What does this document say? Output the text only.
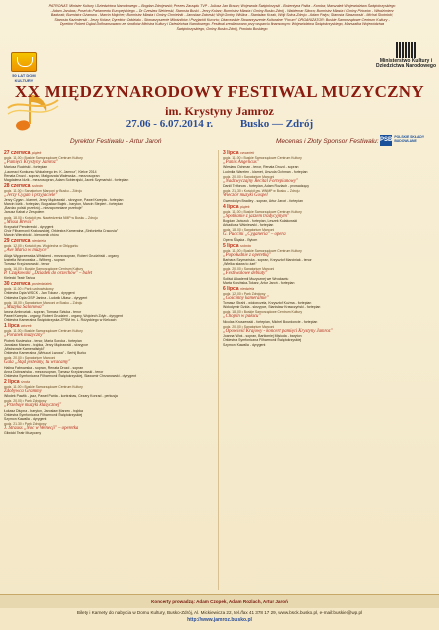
PATRONAT: Minister Kultury i Dziedzictwa Narodowego – Bogdan Zdrojewski; Prezes Zarządu TVP - Juliusz Jan Braun; Wojewoda Świętokrzyski - Bożentyna Pałka - Koroba; Marszałek Województwa Świętokrzyskiego - Adam Jarubas; Poseł do Parlamentu Europejskiego – Dr Czesław Siekierski, Starosta Buski - Jerzy Kolarz; Burmistrz Miasta i Gminy Busko-Zdrój - Waldemar Sikora; Burmistrz Miasta i Gminy Pińczów - Włodzimierz Badurak; Burmistrz Ożarowa - Marcin Majcher; Burmistrz Miasta i Gminy Chmielnik - Jarosław Zatorski; Wójt Gminy Wiślica - Stanisław Krzak, Wójt Solca-Zdroju - Adam Pałys; Starosta Staszowski - Michał Skotnicki; Starosta Kazimierski - Jerzy Kolarz; Dyrektor Oddziału - Stowarzyszenie Miłośników i Przyjaciół Kurortu; Ożarowskie Stowarzyszenie Kulturalne "Forum" ORGANIZATOR: Buskie Samorządowe Centrum Kultury - Dyrektor Robert Dąbal Dofinansowano ze środków Ministra Kultury i Dziedzictwa Narodowego. Festiwal zrealizowano przy wsparciu finansowym: Województwa Świętokrzyskiego, Marszałka Województwa Świętokrzyskiego, Gminy Busko-Zdrój, Powiatu Buskiego
50 LAT DOM KULTURY
Ministerstwo Kultury i Dziedzictwa Narodowego
XX MIĘDZYNARODOWY FESTIWAL MUZYCZNY
im. Krystyny Jamroz
27.06 - 6.07.2014 r. Busko — Zdrój
Dyrektor Festiwalu - Artur Jaroń	Mecenas i Złoty Sponsor Festiwalu: PSB POLSKIE SKŁADY BUDOWLANE
27 czerwca piątek
godz. 11.00 • Buskie Samorządowe Centrum Kultury
„Pamięci Krystyny Jamroz"
Mariusz Ruciński - fortepian
„Laureaci Konkursu Wokalnego im. K. Jamroz", Kielce 2014
Renata Drozd - sopran, Małgorzata Walewska - mezzosopran
Magdalena Idzik - mezzosopran, Adam Sobierajski, Jacek Szymański - fortepian
28 czerwca sobota
godz. 11.00 • Sanatorium Marconi w Busku – Zdroju
„Jerzy Cygan i przyjaciele"
Jerzy Cygan - klarnet, Jerzy Mądrawski - skrzypce, Paweł Karepta - fortepian
Marcin Idzik - fortepian, Bogusław Bajek - baryton, Marcin Stepień - fortepian
„Bardzo polski przekrój – niezapomniane przeboje"
Janusz Kabat z Zespołem
godz. 18.00 • Kościół pw. Nawiedzenia NMP w Busku – Zdroju
„Missa Brevis"
Krzysztof Penderecki - dyrygent
Chór Filharmonii Krakowskiej, Orkiestra Kameralna „Sinfonietta Cracovia"
Marcin Wierzbicki - kierownik chóru
29 czerwca niedziela
godz. 12.00 • Kościół pw. Wojciecha w Oblęgorku
„Ave Maria w muzyce"
Alicja Węgorzewska-Whiskerd - mezzosopran, Robert Grudziński - organy
Izabella Wronowska – Wilberg - sopran
Tomasz Krzyżanowski - tenor
godz. 16.00 • Buskie Samorządowe Centrum Kultury
P. Czajkowski „Dziadek do orzechów" – balet
Kielecki Teatr Tańca
30 czerwca poniedziałek
godz. 11.00 • Park uzdrowiskowy
Orkiestra Dęta WSCK - Jan Tokarz - dyrygent
Orkiestra Dęta OSP Janina - Ludwik Uliasz - dyrygent
godz. 18.00 • Sanatorium Marconi w Busku – Zdroju
„Muzyka Salonowa"
Iwona Ambroziak - sopran, Tomasz Sztuka - tenor
Paweł Karepta - organy, Robert Grudzień - organy, Wojciech Zdyb - dyrygent
Orkiestra Kameralna Świętokrzyska ZPSM im. L. Różyckiego w Kielcach
1 lipca wtorek
godz. 11.00 • Buskie Samorządowe Centrum Kultury
„Poranek muzyczny"
Piotrek Kusiewicz - tenor, Maria Soroka - fortepian
Jarosław Marzec - trąbka, Jerzy Mądrawski - skrzypce
„Mistrzowie Kameralistyki"
Orkiestra Kameralna „Wirtuozi Lwowa" - Serhij Burko
godz. 20.00 • Sanatorium Marconi
Gala „Stąd jesteśmy, tu wracamy"
Halina Fabrowska - sopran, Renata Drozd - sopran
Anna Dobrzańska - mezzosopran, Tomasz Krzyżanowski - tenor
Orkiestra Symfoniczna Filharmonii Świętokrzyskiej, Sławomir Chrzanowski - dyrygent
2 lipca środa
godz. 11.00 • Buskie Samorządowe Centrum Kultury
Zdobywca Grammy
Włodek Pawlik - jazz, Paweł Pańta - kontrabas, Cezary Konrad - perkusja
godz. 20.00 • Park Zdrojowy
„Przeboje muzyki klasycznej"
Łukasz Dłupna - baryton, Jarosław Marzec - trąbka
Orkiestra Symfoniczna Filharmonii Świętokrzyskiej
Szymon Kawalla - dyrygent
godz. 21.30 • Park Zdrojowy
J. Strauss „Noc w Wenecji" – operetka
Gliwicki Teatr Muzyczny
3 lipca czwartek
godz. 11.00 • Buskie Samorządowe Centrum Kultury
„Panis Angelicus"
Wiesław Ochman - tenor, Renata Drozd - sopran
Ludmiła Warelen - klarnet, Urszula Ochman - fortepian
godz. 20.00 • Sanatorium Marconi
„Nadzwyczajny Recital Fortepianowy"
Daniil Trifonow - fortepian, Adam Rozlach - prowadzący
godz. 21.30 • Kościół pw. WNMP w Busku – Zdroju
Wieczór muzyki Gospel
Gwendolyn Bradley - sopran, Artur Jaroń - fortepian
4 lipca piątek
godz. 11.00 • Buskie Samorządowe Centrum Kultury
„Spotkanie z jazzem tradycyjnym"
Bogdan Jańczuk - fortepian, Leszek Kułakowski
Arkadiusz Wiśniewski - fortepian
godz. 18.00 • Sanatorium Marconi
G. Puccini „Cyganeria" – opera
Opera Śląska - Bytom
5 lipca sobota
godz. 11.00 • Buskie Samorządowe Centrum Kultury
„Popołudnie z operetką"
Barbara Szymańska - sopran, Krzysztof Marciniak - tenor
„Wielka sława to żart"
godz. 20.00 • Sanatorium Marconi
„Festiwalowe debiuty"
Soliści Akademii Muzycznej we Wrocławiu
Marta Kosińska-Tokarz, Artur Jaroń - fortepian
6 lipca niedziela
godz. 12.00 • Park Zdrojowy
„Gościnny kameralnie"
Tomasz Strahl - wiolonczela, Krzysztof Kuźma - fortepian
Wołodymir Dzida - skrzypce, Stanisław Krawczyński - fortepian
godz. 18.00 • Buskie Samorządowe Centrum Kultury
„Chopin w pałacu"
Nicolas Kruszewski - fortepian, Michel Bourdoncle - fortepian
godz. 20.00 • Sanatorium Marconi
„Opowieść Krajowy - koncert pamięci Krystyny Jamroz"
Joanna Woś - sopran, Bartłomiej Misiuda - baryton
Orkiestra Symfoniczna Filharmonii Świętokrzyskiej
Szymon Kawalla - dyrygent
Koncerty prowadzą: Adam Czopek, Adam Rozlach, Artur Jaroń
Bilety i Karnety do nabycia w Domu Kultury, Busko-Zdrój, Al. Mickiewicza 22, tel./fax 41 378 17 29, www.bsck.busko.pl, e-mail:buskie@wp.pl
http://www.jamroz.busko.pl
